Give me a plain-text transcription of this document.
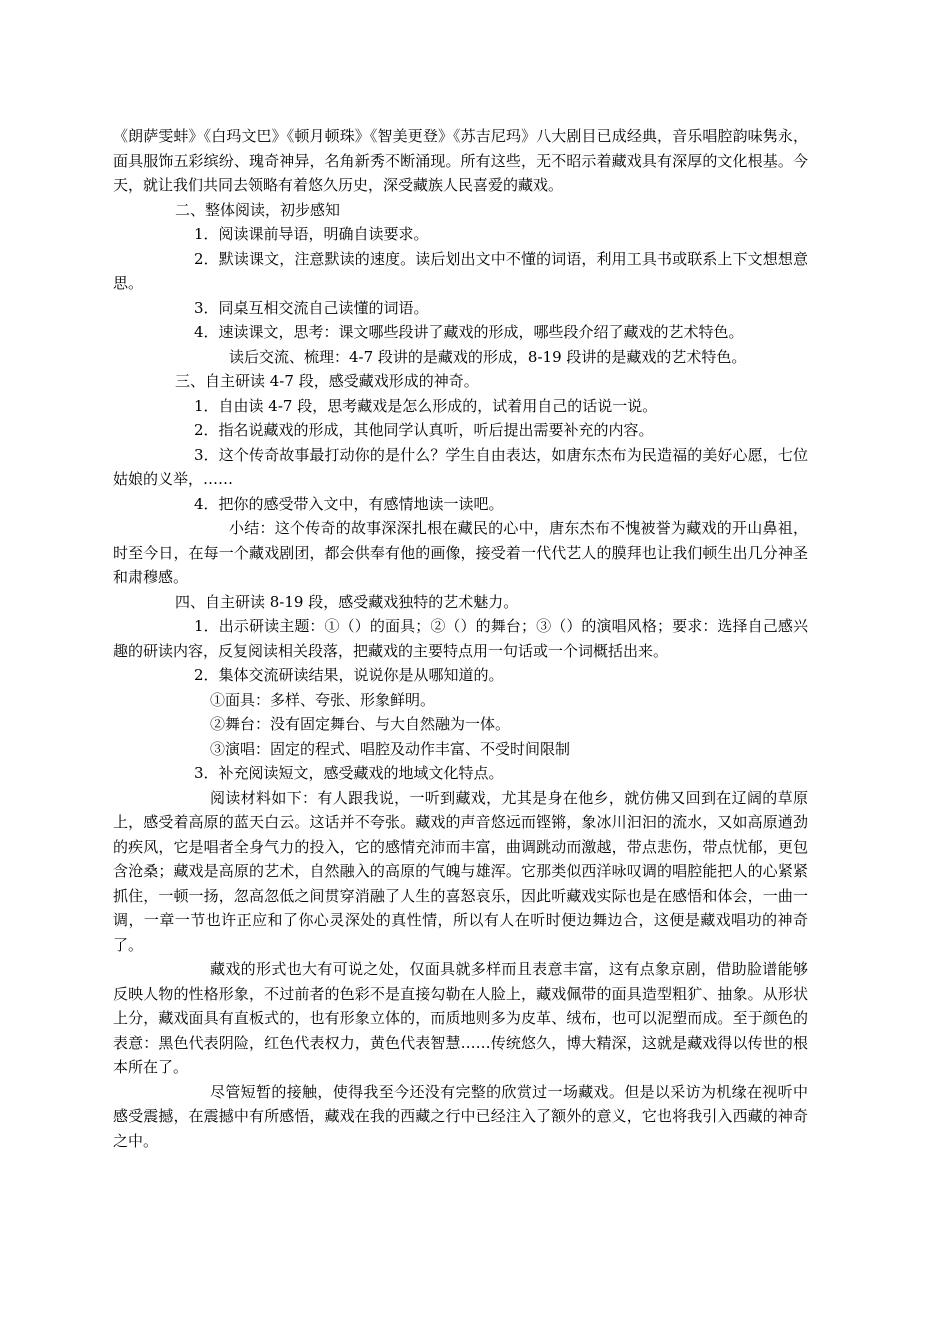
《朗萨雯蚌》《白玛文巴》《顿月顿珠》《智美更登》《苏吉尼玛》八大剧目已成经典，音乐唱腔韵味隽永，面具服饰五彩缤纷、瑰奇神异，名角新秀不断涌现。所有这些，无不昭示着藏戏具有深厚的文化根基。今天，就让我们共同去领略有着悠久历史，深受藏族人民喜爱的藏戏。

二、整体阅读，初步感知

1．阅读课前导语，明确自读要求。

2．默读课文，注意默读的速度。读后划出文中不懂的词语，利用工具书或联系上下文想想意思。

3．同桌互相交流自己读懂的词语。

4．速读课文，思考：课文哪些段讲了藏戏的形成，哪些段介绍了藏戏的艺术特色。

读后交流、梳理：4-7 段讲的是藏戏的形成，8-19 段讲的是藏戏的艺术特色。

三、自主研读 4-7 段，感受藏戏形成的神奇。

1．自由读 4-7 段，思考藏戏是怎么形成的，试着用自己的话说一说。

2．指名说藏戏的形成，其他同学认真听，听后提出需要补充的内容。

3．这个传奇故事最打动你的是什么？学生自由表达，如唐东杰布为民造福的美好心愿，七位姑娘的义举，……

4．把你的感受带入文中，有感情地读一读吧。

小结：这个传奇的故事深深扎根在藏民的心中，唐东杰布不愧被誉为藏戏的开山鼻祖，时至今日，在每一个藏戏剧团，都会供奉有他的画像，接受着一代代艺人的膜拜也让我们顿生出几分神圣和肃穆感。

四、自主研读 8-19 段，感受藏戏独特的艺术魅力。

1．出示研读主题：①（）的面具；②（）的舞台；③（）的演唱风格；要求：选择自己感兴趣的研读内容，反复阅读相关段落，把藏戏的主要特点用一句话或一个词概括出来。

2．集体交流研读结果，说说你是从哪知道的。

①面具：多样、夸张、形象鲜明。

②舞台：没有固定舞台、与大自然融为一体。

③演唱：固定的程式、唱腔及动作丰富、不受时间限制

3．补充阅读短文，感受藏戏的地域文化特点。

阅读材料如下：有人跟我说，一听到藏戏，尤其是身在他乡，就仿佛又回到在辽阔的草原上，感受着高原的蓝天白云。这话并不夸张。藏戏的声音悠远而铿锵，象冰川汩汩的流水，又如高原遒劲的疾风，它是唱者全身气力的投入，它的感情充沛而丰富，曲调跳动而激越，带点悲伤，带点忧郁，更包含沧桑；藏戏是高原的艺术，自然融入的高原的气魄与雄浑。它那类似西洋咏叹调的唱腔能把人的心紧紧抓住，一顿一扬，忽高忽低之间贯穿消融了人生的喜怒哀乐，因此听藏戏实际也是在感悟和体会，一曲一调，一章一节也许正应和了你心灵深处的真性情，所以有人在听时便边舞边合，这便是藏戏唱功的神奇了。

藏戏的形式也大有可说之处，仅面具就多样而且表意丰富，这有点象京剧，借助脸谱能够反映人物的性格形象，不过前者的色彩不是直接勾勒在人脸上，藏戏佩带的面具造型粗犷、抽象。从形状上分，藏戏面具有直板式的，也有形象立体的，而质地则多为皮革、绒布，也可以泥塑而成。至于颜色的表意：黑色代表阴险，红色代表权力，黄色代表智慧……传统悠久，博大精深，这就是藏戏得以传世的根本所在了。

尽管短暂的接触，使得我至今还没有完整的欣赏过一场藏戏。但是以采访为机缘在视听中感受震撼，在震撼中有所感悟，藏戏在我的西藏之行中已经注入了额外的意义，它也将我引入西藏的神奇之中。
